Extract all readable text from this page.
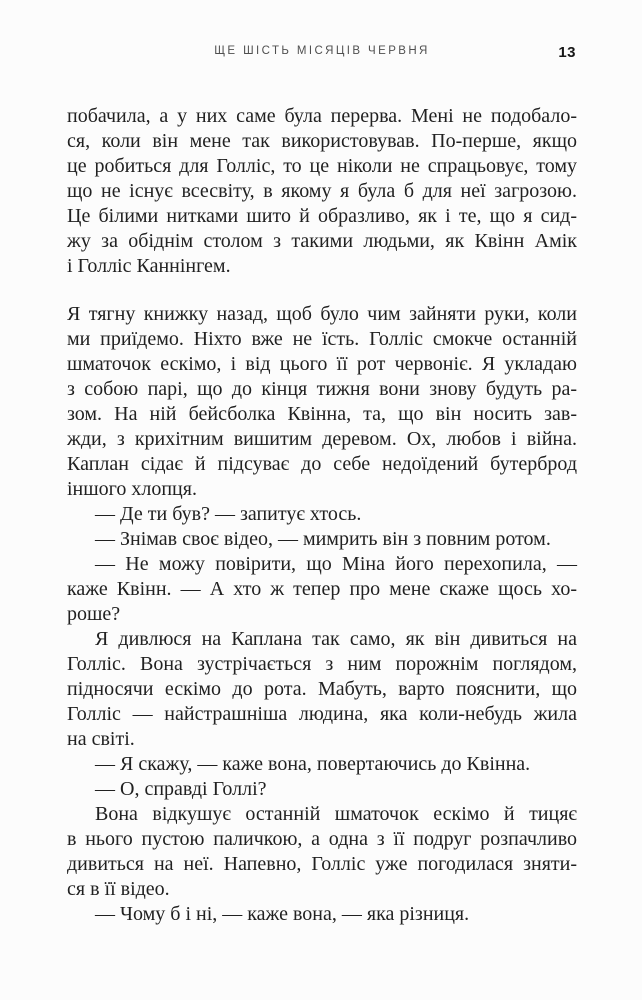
ЩЕ ШІСТЬ МІСЯЦІВ ЧЕРВНЯ	13
побачила, а у них саме була перерва. Мені не подобало-
ся, коли він мене так використовував. По-перше, якщо
це робиться для Голліс, то це ніколи не спрацьовує, тому
що не існує всесвіту, в якому я була б для неї загрозою.
Це білими нитками шито й образливо, як і те, що я сид-
жу за обіднім столом з такими людьми, як Квінн Амік
і Голліс Каннінгем.
Я тягну книжку назад, щоб було чим зайняти руки, коли
ми приїдемо. Ніхто вже не їсть. Голліс смокче останній
шматочок ескімо, і від цього її рот червоніє. Я укладаю
з собою парі, що до кінця тижня вони знову будуть ра-
зом. На ній бейсболка Квінна, та, що він носить зав-
жди, з крихітним вишитим деревом. Ох, любов і війна.
Каплан сідає й підсуває до себе недоїдений бутерброд
іншого хлопця.
— Де ти був? — запитує хтось.
— Знімав своє відео, — мимрить він з повним ротом.
— Не можу повірити, що Міна його перехопила, —
каже Квінн. — А хто ж тепер про мене скаже щось хо-
роше?
Я дивлюся на Каплана так само, як він дивиться на
Голліс. Вона зустрічається з ним порожнім поглядом,
підносячи ескімо до рота. Мабуть, варто пояснити, що
Голліс — найстрашніша людина, яка коли-небудь жила
на світі.
— Я скажу, — каже вона, повертаючись до Квінна.
— О, справді Голлі?
Вона відкушує останній шматочок ескімо й тицяє
в нього пустою паличкою, а одна з її подруг розпачливо
дивиться на неї. Напевно, Голліс уже погодилася зняти-
ся в її відео.
— Чому б і ні, — каже вона, — яка різниця.
